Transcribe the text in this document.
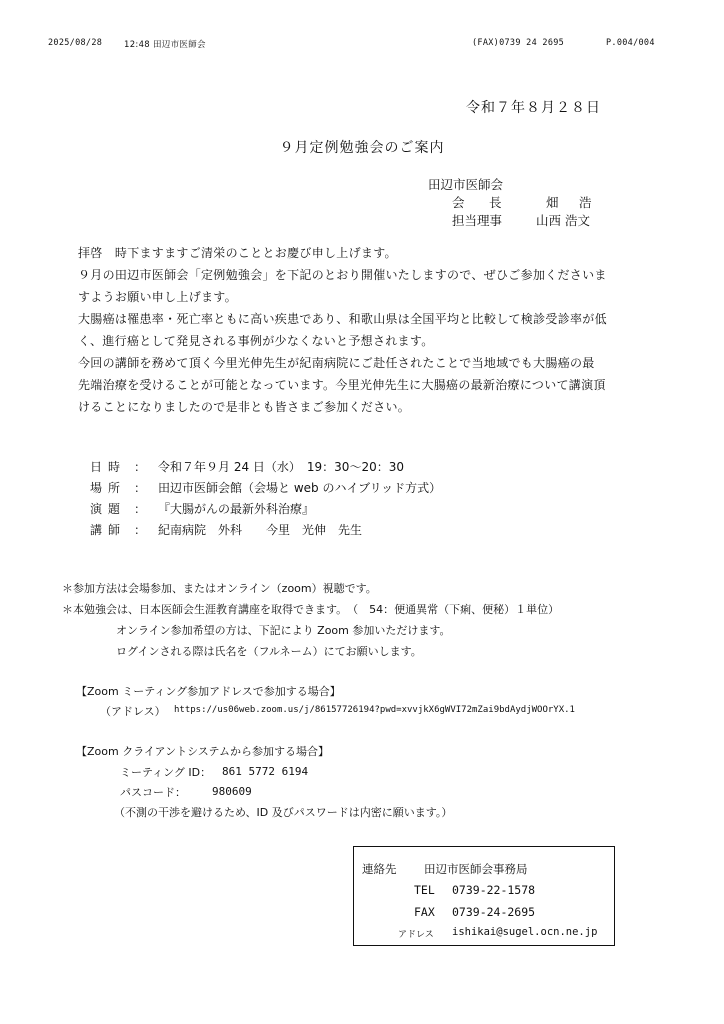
2025/08/28	12:48 田辺市医師会	(FAX)0739 24 2695	P.004/004
令和７年８月２８日
９月定例勉強会のご案内
田辺市医師会
会　長	畑　浩
担当理事	山西 浩文
拝啓　時下ますますご清栄のこととお慶び申し上げます。
９月の田辺市医師会「定例勉強会」を下記のとおり開催いたしますので、ぜひご参加くださいま
すようお願い申し上げます。
大腸癌は罹患率・死亡率ともに高い疾患であり、和歌山県は全国平均と比較して検診受診率が低
く、進行癌として発見される事例が少なくないと予想されます。
今回の講師を務めて頂く今里光伸先生が紀南病院にご赴任されたことで当地域でも大腸癌の最
先端治療を受けることが可能となっています。今里光伸先生に大腸癌の最新治療について講演頂
けることになりましたので是非とも皆さまご参加ください。
日時 ： 令和７年９月 24 日（水）　19：30～20：30
場所 ： 田辺市医師会館（会場と web のハイブリッド方式）
演題 ： 『大腸がんの最新外科治療』
講師 ： 紀南病院　外科　　今里　光伸　先生
＊参加方法は会場参加、またはオンライン（zoom）視聴です。
＊本勉強会は、日本医師会生涯教育講座を取得できます。　（　54：便通異常（下痢、便秘）１単位）
オンライン参加希望の方は、下記により Zoom 参加いただけます。
ログインされる際は氏名を（フルネーム）にてお願いします。
【Zoom ミーティング参加アドレスで参加する場合】
（アドレス） https://us06web.zoom.us/j/86157726194?pwd=xvvjkX6gWVI72mZai9bdAydjWOOrYX.1
【Zoom クライアントシステムから参加する場合】
ミーティング ID： 861 5772 6194
パスコード： 980609
（不測の干渉を避けるため、ID 及びパスワードは内密に願います。）
連絡先 田辺市医師会事務局
TEL 0739-22-1578
FAX 0739-24-2695
アドレス ishikai@sugel.ocn.ne.jp
